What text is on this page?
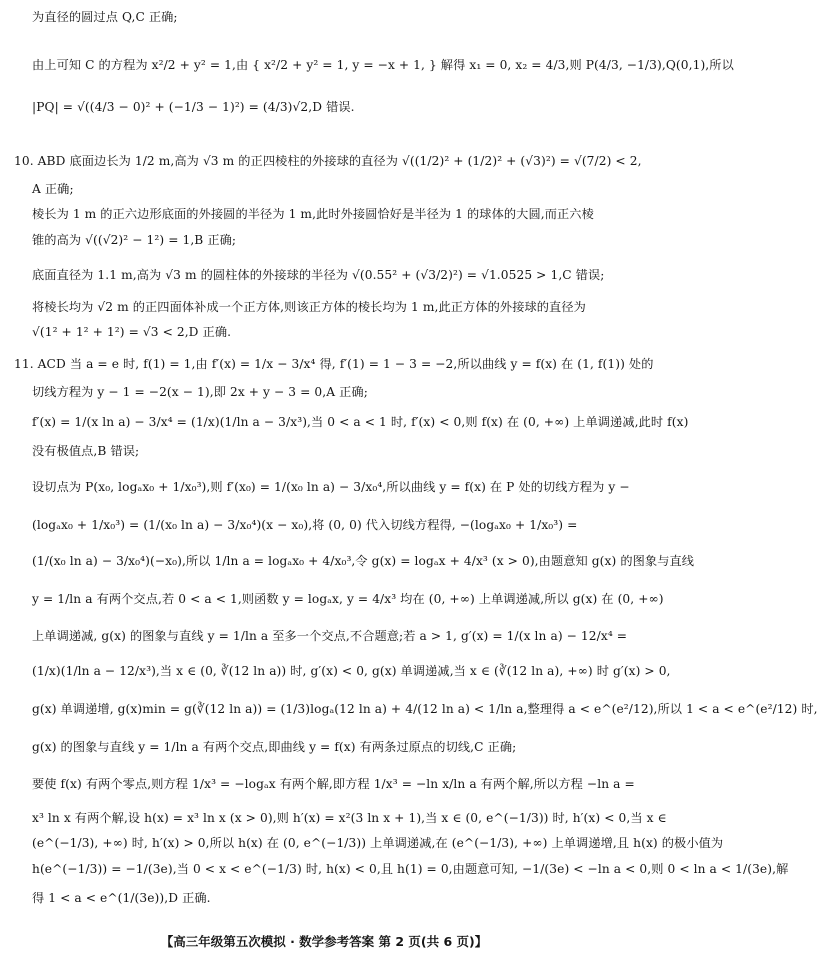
为直径的圆过点 Q,C 正确;
由上可知 C 的方程为 x²/2 + y² = 1,由 { x²/2 + y² = 1, y = −x + 1, } 解得 x₁ = 0, x₂ = 4/3,则 P(4/3, −1/3),Q(0,1),所以
|PQ| = √((4/3 − 0)² + (−1/3 − 1)²) = (4/3)√2,D 错误.
10. ABD 底面边长为 1/2 m,高为 √3 m 的正四棱柱的外接球的直径为 √((1/2)² + (1/2)² + (√3)²) = √(7/2) < 2,
A 正确;
棱长为 1 m 的正六边形底面的外接圆的半径为 1 m,此时外接圆恰好是半径为 1 的球体的大圆,而正六棱
锥的高为 √((√2)² − 1²) = 1,B 正确;
底面直径为 1.1 m,高为 √3 m 的圆柱体的外接球的半径为 √(0.55² + (√3/2)²) = √1.0525 > 1,C 错误;
将棱长均为 √2 m 的正四面体补成一个正方体,则该正方体的棱长均为 1 m,此正方体的外接球的直径为
√(1² + 1² + 1²) = √3 < 2,D 正确.
11. ACD 当 a = e 时, f(1) = 1,由 f′(x) = 1/x − 3/x⁴ 得, f′(1) = 1 − 3 = −2,所以曲线 y = f(x) 在 (1, f(1)) 处的
切线方程为 y − 1 = −2(x − 1),即 2x + y − 3 = 0,A 正确;
f′(x) = 1/(x ln a) − 3/x⁴ = (1/x)(1/ln a − 3/x³),当 0 < a < 1 时, f′(x) < 0,则 f(x) 在 (0, +∞) 上单调递减,此时 f(x)
没有极值点,B 错误;
设切点为 P(x₀, logₐx₀ + 1/x₀³),则 f′(x₀) = 1/(x₀ ln a) − 3/x₀⁴,所以曲线 y = f(x) 在 P 处的切线方程为 y −
(logₐx₀ + 1/x₀³) = (1/(x₀ ln a) − 3/x₀⁴)(x − x₀),将 (0, 0) 代入切线方程得, −(logₐx₀ + 1/x₀³) =
(1/(x₀ ln a) − 3/x₀⁴)(−x₀),所以 1/ln a = logₐx₀ + 4/x₀³,令 g(x) = logₐx + 4/x³ (x > 0),由题意知 g(x) 的图象与直线
y = 1/ln a 有两个交点,若 0 < a < 1,则函数 y = logₐx, y = 4/x³ 均在 (0, +∞) 上单调递减,所以 g(x) 在 (0, +∞)
上单调递减, g(x) 的图象与直线 y = 1/ln a 至多一个交点,不合题意;若 a > 1, g′(x) = 1/(x ln a) − 12/x⁴ =
(1/x)(1/ln a − 12/x³),当 x ∈ (0, ∛(12 ln a)) 时, g′(x) < 0, g(x) 单调递减,当 x ∈ (∛(12 ln a), +∞) 时 g′(x) > 0,
g(x) 单调递增, g(x)min = g(∛(12 ln a)) = (1/3)logₐ(12 ln a) + 4/(12 ln a) < 1/ln a,整理得 a < e^(e²/12),所以 1 < a < e^(e²/12) 时,
g(x) 的图象与直线 y = 1/ln a 有两个交点,即曲线 y = f(x) 有两条过原点的切线,C 正确;
要使 f(x) 有两个零点,则方程 1/x³ = −logₐx 有两个解,即方程 1/x³ = −ln x/ln a 有两个解,所以方程 −ln a =
x³ ln x 有两个解,设 h(x) = x³ ln x (x > 0),则 h′(x) = x²(3 ln x + 1),当 x ∈ (0, e^(−1/3)) 时, h′(x) < 0,当 x ∈
(e^(−1/3), +∞) 时, h′(x) > 0,所以 h(x) 在 (0, e^(−1/3)) 上单调递减,在 (e^(−1/3), +∞) 上单调递增,且 h(x) 的极小值为
h(e^(−1/3)) = −1/(3e),当 0 < x < e^(−1/3) 时, h(x) < 0,且 h(1) = 0,由题意可知, −1/(3e) < −ln a < 0,则 0 < ln a < 1/(3e),解
得 1 < a < e^(1/(3e)),D 正确.
【高三年级第五次模拟 · 数学参考答案 第 2 页(共 6 页)】
